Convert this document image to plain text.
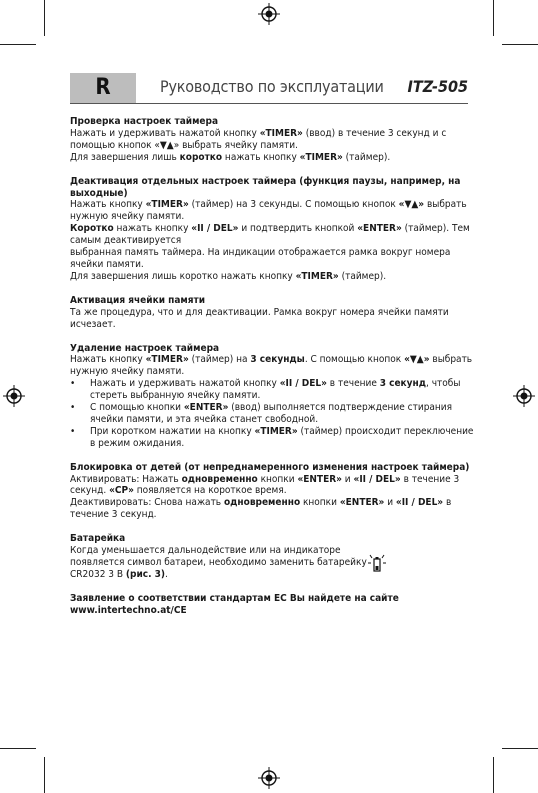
R	Руководство по эксплуатации ITZ-505
Проверка настроек таймера
Нажать и удерживать нажатой кнопку «TIMER» (ввод) в течение 3 секунд и с помощью кнопок «▼▲» выбрать ячейку памяти.
Для завершения лишь коротко нажать кнопку «TIMER» (таймер).
Деактивация отдельных настроек таймера (функция паузы, например, на выходные)
Нажать кнопку «TIMER» (таймер) на 3 секунды. С помощью кнопок «▼▲» выбрать нужную ячейку памяти.
Коротко нажать кнопку «II / DEL» и подтвердить кнопкой «ENTER» (таймер). Тем самым деактивируется
выбранная память таймера. На индикации отображается рамка вокруг номера ячейки памяти.
Для завершения лишь коротко нажать кнопку «TIMER» (таймер).
Активация ячейки памяти
Та же процедура, что и для деактивации. Рамка вокруг номера ячейки памяти исчезает.
Удаление настроек таймера
Нажать кнопку «TIMER» (таймер) на 3 секунды. С помощью кнопок «▼▲» выбрать нужную ячейку памяти.
• Нажать и удерживать нажатой кнопку «II / DEL» в течение 3 секунд, чтобы стереть выбранную ячейку памяти.
• С помощью кнопки «ENTER» (ввод) выполняется подтверждение стирания ячейки памяти, и эта ячейка станет свободной.
• При коротком нажатии на кнопку «TIMER» (таймер) происходит переключение в режим ожидания.
Блокировка от детей (от непреднамеренного изменения настроек таймера)
Активировать: Нажать одновременно кнопки «ENTER» и «II / DEL» в течение 3 секунд. «CP» появляется на короткое время.
Деактивировать: Снова нажать одновременно кнопки «ENTER» и «II / DEL» в течение 3 секунд.
Батарейка
Когда уменьшается дальнодействие или на индикаторе
появляется символ батареи, необходимо заменить батарейку
CR2032 3 В (рис. 3).
Заявление о соответствии стандартам ЕС Вы найдете на сайте
www.intertechno.at/CE
